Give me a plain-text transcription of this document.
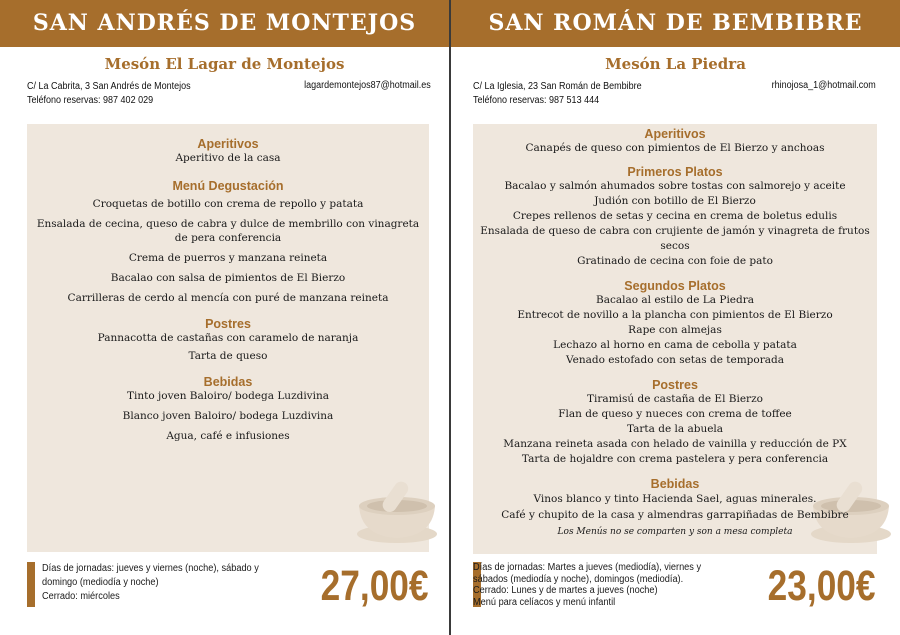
SAN ANDRÉS DE MONTEJOS
Mesón El Lagar de Montejos
C/ La Cabrita, 3 San Andrés de Montejos
Teléfono reservas: 987 402 029
lagardemontejos87@hotmail.es
Aperitivos
Aperitivo de la casa
Menú Degustación
Croquetas de botillo con crema de repollo y patata
Ensalada de cecina, queso de cabra y dulce de membrillo con vinagreta
de pera conferencia
Crema de puerros y manzana reineta
Bacalao con salsa de pimientos de El Bierzo
Carrilleras de cerdo al mencía con puré de manzana reineta
Postres
Pannacotta de castañas con caramelo de naranja
Tarta de queso
Bebidas
Tinto joven Baloiro/ bodega Luzdivina
Blanco joven Baloiro/ bodega Luzdivina
Agua, café e infusiones
Días de jornadas: jueves y viernes (noche), sábado y
domingo (mediodía y noche)
Cerrado: miércoles	27,00€
SAN ROMÁN DE BEMBIBRE
Mesón La Piedra
C/ La Iglesia, 23 San Román de Bembibre
Teléfono reservas: 987 513 444
rhinojosa_1@hotmail.com
Aperitivos
Canapés de queso con pimientos de El Bierzo y anchoas
Primeros Platos
Bacalao y salmón ahumados sobre tostas con salmorejo y aceite
Judión con botillo de El Bierzo
Crepes rellenos de setas y cecina en crema de boletus edulis
Ensalada de queso de cabra con crujiente de jamón y vinagreta de frutos secos
Gratinado de cecina con foie de pato
Segundos Platos
Bacalao al estilo de La Piedra
Entrecot de novillo a la plancha con pimientos de El Bierzo
Rape con almejas
Lechazo al horno en cama de cebolla y patata
Venado estofado con setas de temporada
Postres
Tiramisú de castaña de El Bierzo
Flan de queso y nueces con crema de toffee
Tarta de la abuela
Manzana reineta asada con helado de vainilla y reducción de PX
Tarta de hojaldre con crema pastelera y pera conferencia
Bebidas
Vinos blanco y tinto Hacienda Sael, aguas minerales.
Café y chupito de la casa y almendras garrapiñadas de Bembibre
Los Menús no se comparten y son a mesa completa
Días de jornadas: Martes a jueves (mediodía), viernes y
sábados (mediodía y noche), domingos (mediodía).
Cerrado: Lunes y de martes a jueves (noche)
Menú para celíacos y menú infantil	23,00€
